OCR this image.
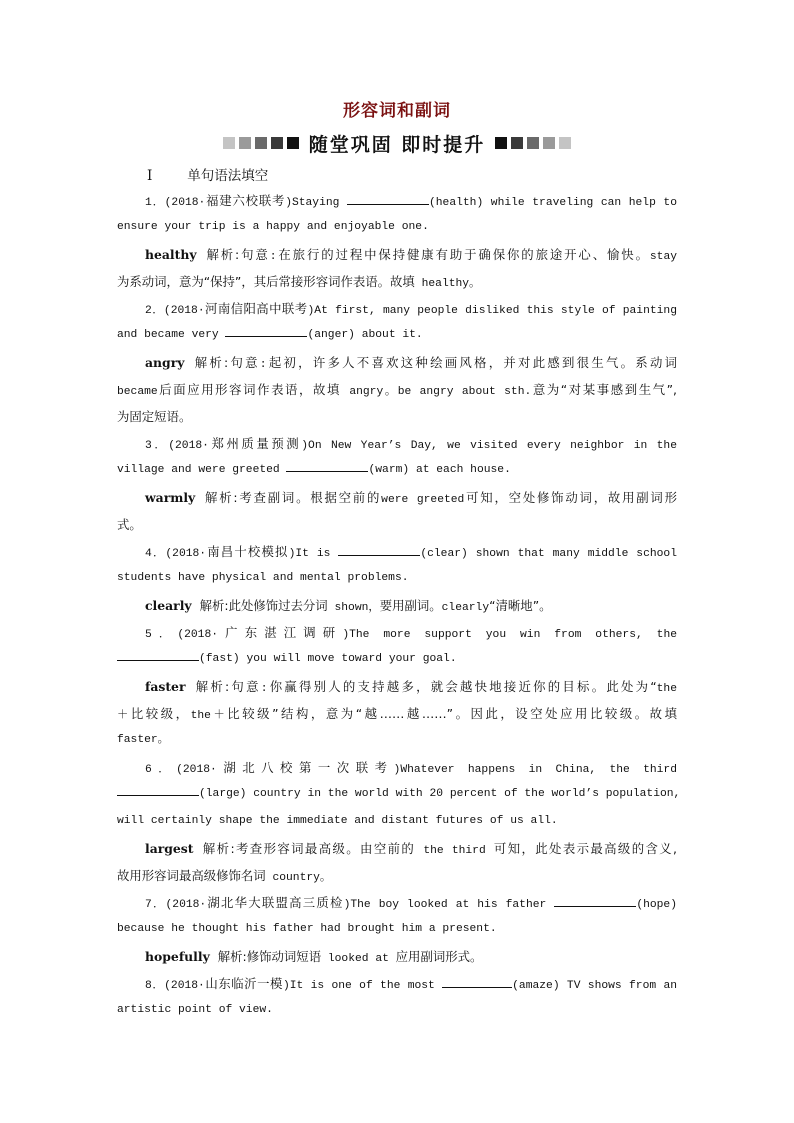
形容词和副词
随堂巩固 即时提升
Ⅰ	单句语法填空
1．(2018·福建六校联考)Staying	(health) while traveling can help to
ensure your trip is a happy and enjoyable one.
healthy 解析:句意:在旅行的过程中保持健康有助于确保你的旅途开心、愉快。stay
为系动词，意为“保持”，其后常接形容词作表语。故填 healthy。
2．(2018·河南信阳高中联考)At first, many people disliked this style of painting
and became very	(anger) about it.
angry 解析:句意:起初，许多人不喜欢这种绘画风格，并对此感到很生气。系动词
became后面应用形容词作表语，故填 angry。be angry about sth.意为“对某事感到生气”,
为固定短语。
3．(2018·郑州质量预测)On New Year’s Day, we visited every neighbor in the
village and were greeted	(warm) at each house.
warmly 解析:考查副词。根据空前的were greeted可知，空处修饰动词，故用副词形
式。
4．(2018·南昌十校模拟)It is	(clear) shown that many middle school
students have physical and mental problems.
clearly 解析:此处修饰过去分词 shown，要用副词。clearly“清晰地”。
5．(2018·广东湛江调研)The more support you win from others, the
(fast) you will move toward your goal.
faster 解析:句意:你赢得别人的支持越多，就会越快地接近你的目标。此处为“the
＋比较级，the＋比较级”结构，意为“越……越……”。因此，设空处应用比较级。故填
faster。
6．(2018·湖北八校第一次联考)Whatever happens in China, the third
(large) country in the world with 20 percent of the world’s population,
will certainly shape the immediate and distant futures of us all.
largest 解析:考查形容词最高级。由空前的 the third 可知，此处表示最高级的含义,
故用形容词最高级修饰名词 country。
7．(2018·湖北华大联盟高三质检)The boy looked at his father	(hope)
because he thought his father had brought him a present.
hopefully 解析:修饰动词短语 looked at 应用副词形式。
8．(2018·山东临沂一模)It is one of the most	(amaze) TV shows from an
artistic point of view.
